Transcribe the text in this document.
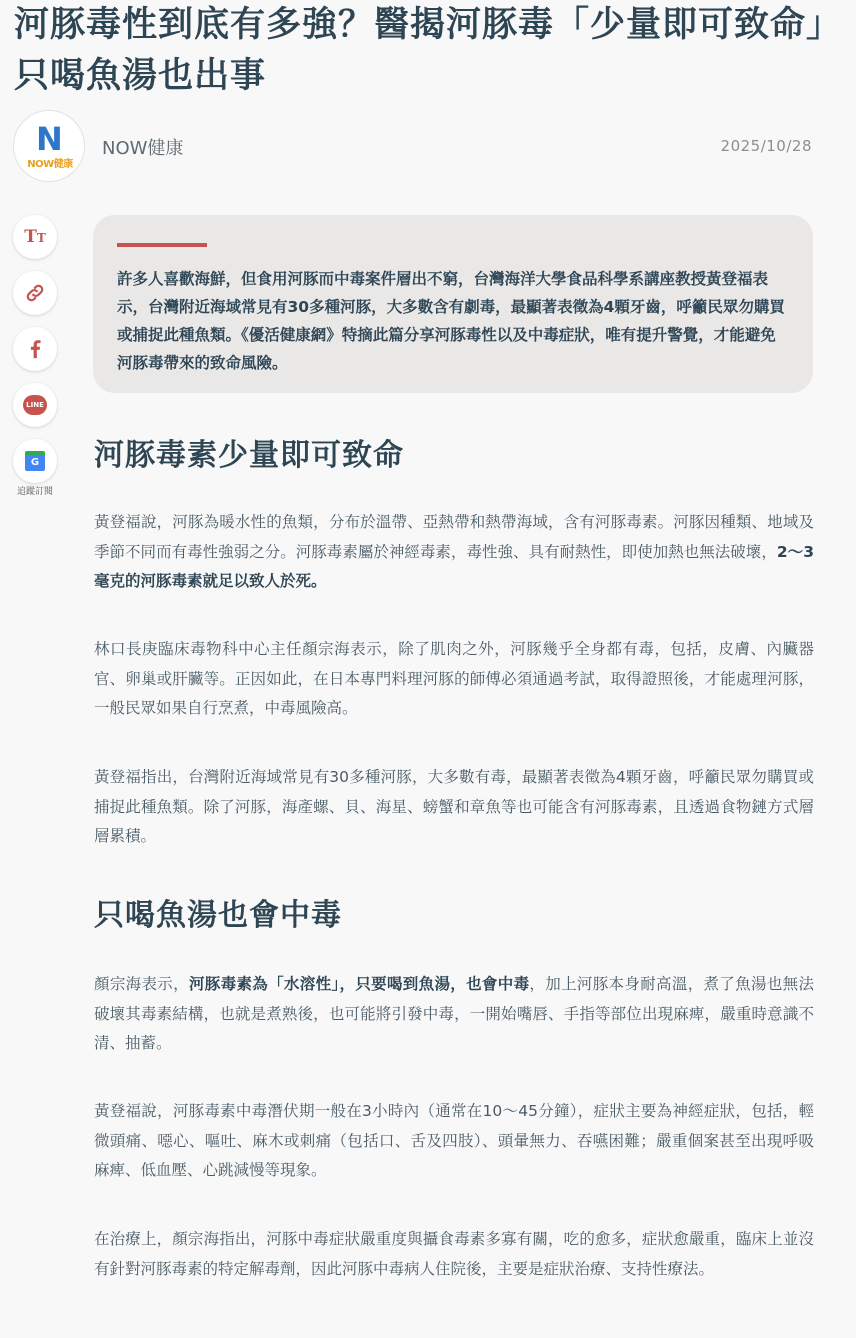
河豚毒性到底有多強？醫揭河豚毒「少量即可致命」只喝魚湯也出事
N
NOW健康
NOW健康	2025/10/28
TT
LINE
G
追蹤訂閱
許多人喜歡海鮮，但食用河豚而中毒案件層出不窮，台灣海洋大學食品科學系講座教授黃登福表示，台灣附近海域常見有30多種河豚，大多數含有劇毒，最顯著表徵為4顆牙齒，呼籲民眾勿購買或捕捉此種魚類。《優活健康網》特摘此篇分享河豚毒性以及中毒症狀，唯有提升警覺，才能避免河豚毒帶來的致命風險。
河豚毒素少量即可致命

黃登福說，河豚為暖水性的魚類，分布於溫帶、亞熱帶和熱帶海域，含有河豚毒素。河豚因種類、地域及季節不同而有毒性強弱之分。河豚毒素屬於神經毒素，毒性強、具有耐熱性，即使加熱也無法破壞，2～3毫克的河豚毒素就足以致人於死。

林口長庚臨床毒物科中心主任顏宗海表示，除了肌肉之外，河豚幾乎全身都有毒，包括，皮膚、內臟器官、卵巢或肝臟等。正因如此，在日本專門料理河豚的師傅必須通過考試，取得證照後，才能處理河豚，一般民眾如果自行烹煮，中毒風險高。

黃登福指出，台灣附近海域常見有30多種河豚，大多數有毒，最顯著表徵為4顆牙齒，呼籲民眾勿購買或捕捉此種魚類。除了河豚，海產螺、貝、海星、螃蟹和章魚等也可能含有河豚毒素，且透過食物鏈方式層層累積。

只喝魚湯也會中毒

顏宗海表示，河豚毒素為「水溶性」，只要喝到魚湯，也會中毒，加上河豚本身耐高溫，煮了魚湯也無法破壞其毒素結構，也就是煮熟後，也可能將引發中毒，一開始嘴唇、手指等部位出現麻痺，嚴重時意識不清、抽蓄。

黃登福說，河豚毒素中毒潛伏期一般在3小時內（通常在10～45分鐘），症狀主要為神經症狀，包括，輕微頭痛、噁心、嘔吐、麻木或刺痛（包括口、舌及四肢）、頭暈無力、吞嚥困難；嚴重個案甚至出現呼吸麻痺、低血壓、心跳減慢等現象。

在治療上，顏宗海指出，河豚中毒症狀嚴重度與攝食毒素多寡有關，吃的愈多，症狀愈嚴重，臨床上並沒有針對河豚毒素的特定解毒劑，因此河豚中毒病人住院後，主要是症狀治療、支持性療法。
